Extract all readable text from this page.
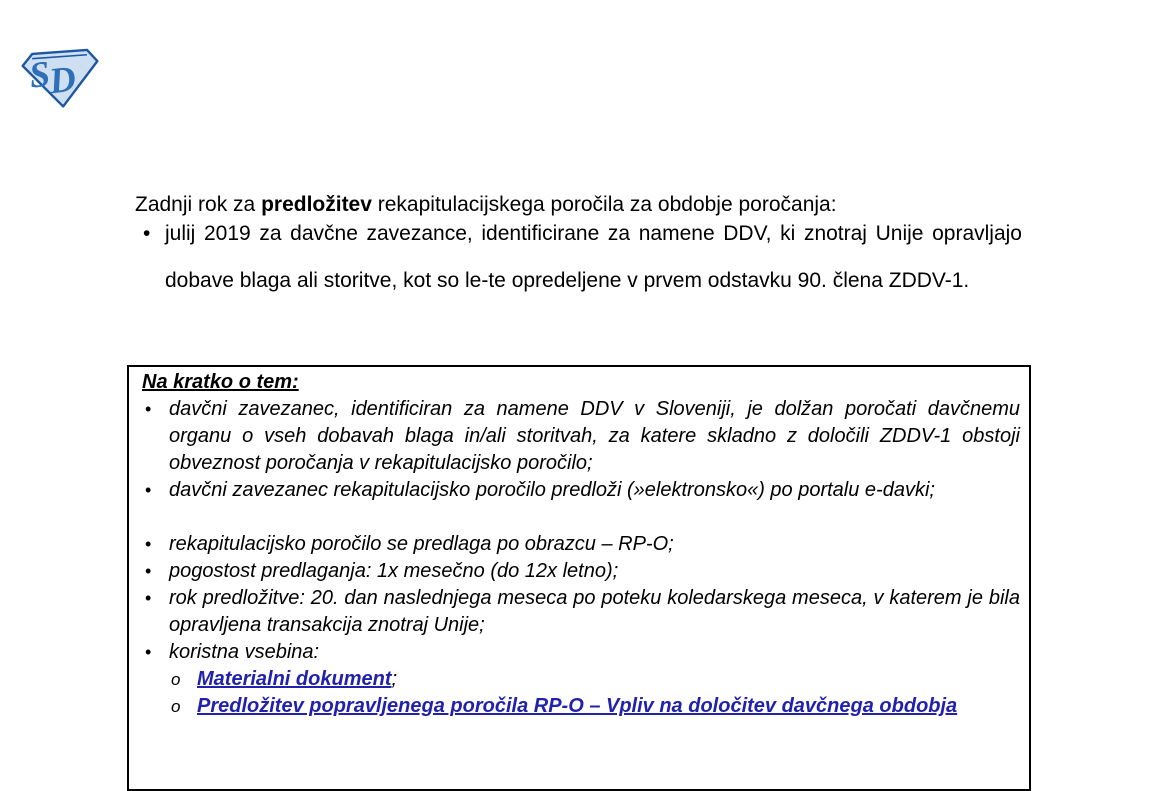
S
D

Zadnji rok za predložitev rekapitulacijskega poročila za obdobje poročanja:

• julij 2019 za davčne zavezance, identificirane za namene DDV, ki znotraj Unije opravljajo dobave blaga ali storitve, kot so le-te opredeljene v prvem odstavku 90. člena ZDDV-1.

Na kratko o tem:

• davčni zavezanec, identificiran za namene DDV v Sloveniji, je dolžan poročati davčnemu organu o vseh dobavah blaga in/ali storitvah, za katere skladno z določili ZDDV-1 obstoji obveznost poročanja v rekapitulacijsko poročilo;
• davčni zavezanec rekapitulacijsko poročilo predloži (»elektronsko«) po portalu e-davki;
• rekapitulacijsko poročilo se predlaga po obrazcu – RP-O;
• pogostost predlaganja: 1x mesečno (do 12x letno);
• rok predložitve: 20. dan naslednjega meseca po poteku koledarskega meseca, v katerem je bila opravljena transakcija znotraj Unije;
• koristna vsebina:
o Materialni dokument;
o Predložitev popravljenega poročila RP-O – Vpliv na določitev davčnega obdobja
